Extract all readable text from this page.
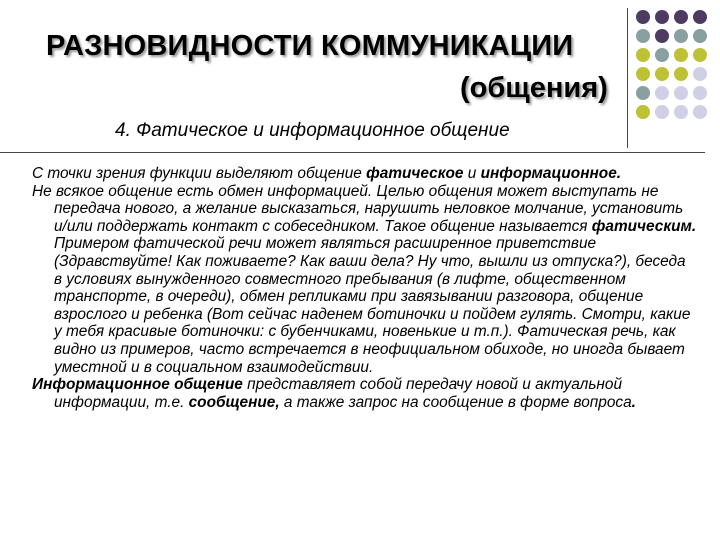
РАЗНОВИДНОСТИ КОММУНИКАЦИИ
(общения)
4. Фатическое и информационное общение

С точки зрения функции выделяют общение фатическое и информационное.

Не всякое общение есть обмен информацией. Целью общения может выступать не передача нового, а желание высказаться, нарушить неловкое молчание, установить и/или поддержать контакт с собеседником. Такое общение называется фатическим. Примером фатической речи может являться расширенное приветствие (Здравствуйте! Как поживаете? Как ваши дела? Ну что, вышли из отпуска?), беседа в условиях вынужденного совместного пребывания (в лифте, общественном транспорте, в очереди), обмен репликами при завязывании разговора, общение взрослого и ребенка (Вот сейчас наденем ботиночки и пойдем гулять. Смотри, какие у тебя красивые ботиночки: с бубенчиками, новенькие и т.п.). Фатическая речь, как видно из примеров, часто встречается в неофициальном обиходе, но иногда бывает уместной и в социальном взаимодействии.

Информационное общение представляет собой передачу новой и актуальной информации, т.е. сообщение, а также запрос на сообщение в форме вопроса.
